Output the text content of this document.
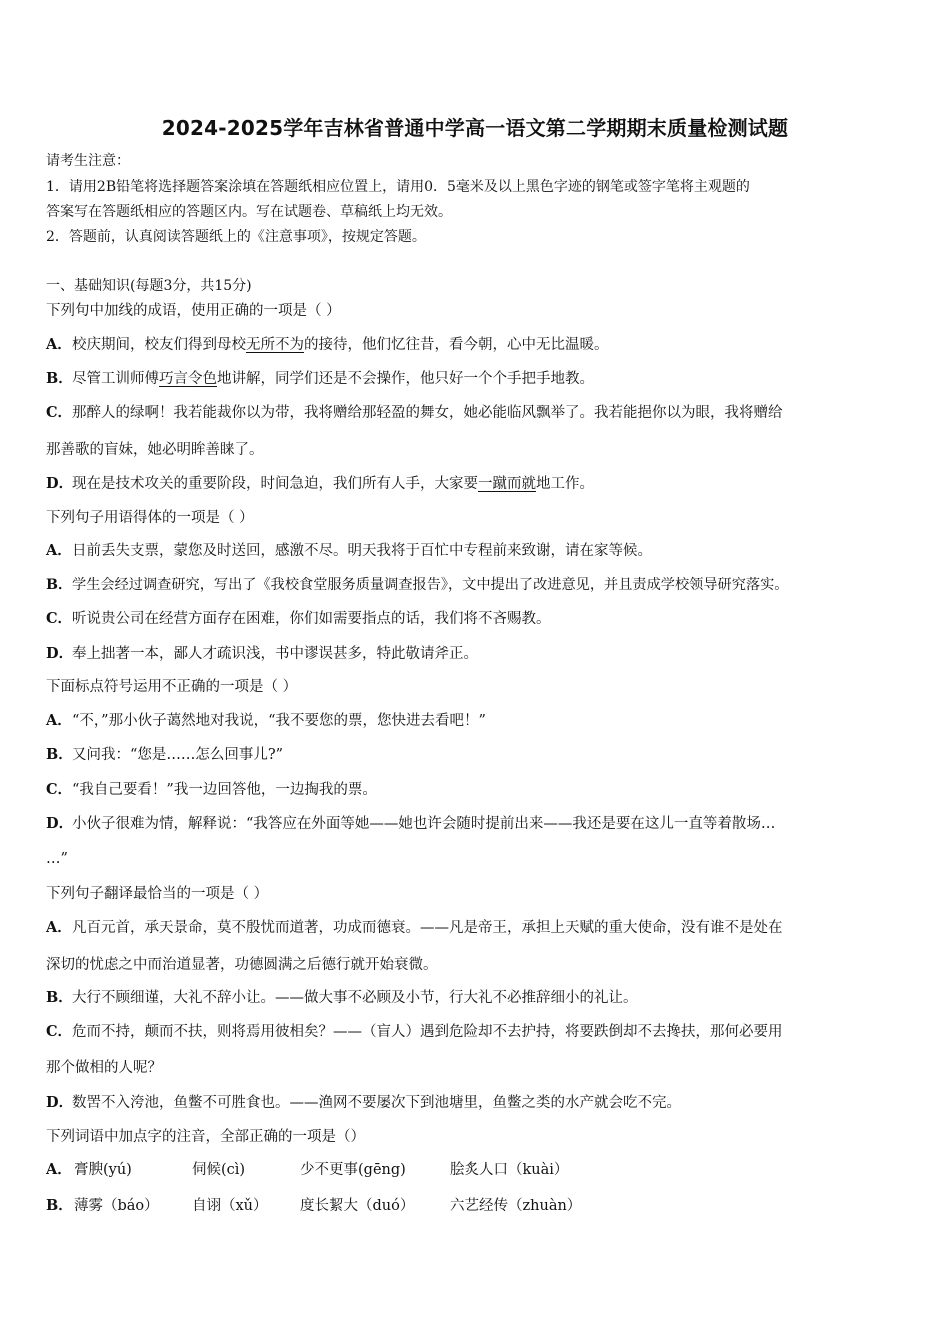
2024-2025学年吉林省普通中学高一语文第二学期期末质量检测试题
请考生注意：
1．请用2B铅笔将选择题答案涂填在答题纸相应位置上，请用0．5毫米及以上黑色字迹的钢笔或签字笔将主观题的
答案写在答题纸相应的答题区内。写在试题卷、草稿纸上均无效。
2．答题前，认真阅读答题纸上的《注意事项》，按规定答题。
一、基础知识(每题3分，共15分)
下列句中加线的成语，使用正确的一项是（ ）
A．校庆期间，校友们得到母校无所不为的接待，他们忆往昔，看今朝，心中无比温暖。
B．尽管工训师傅巧言令色地讲解，同学们还是不会操作，他只好一个个手把手地教。
C．那醉人的绿啊！我若能裁你以为带，我将赠给那轻盈的舞女，她必能临风飘举了。我若能挹你以为眼，我将赠给
那善歌的盲妹，她必明眸善睐了。
D．现在是技术攻关的重要阶段，时间急迫，我们所有人手，大家要一蹴而就地工作。
下列句子用语得体的一项是（ ）
A．日前丢失支票，蒙您及时送回，感激不尽。明天我将于百忙中专程前来致谢，请在家等候。
B．学生会经过调查研究，写出了《我校食堂服务质量调查报告》，文中提出了改进意见，并且责成学校领导研究落实。
C．听说贵公司在经营方面存在困难，你们如需要指点的话，我们将不吝赐教。
D．奉上拙著一本，鄙人才疏识浅，书中谬误甚多，特此敬请斧正。
下面标点符号运用不正确的一项是（ ）
A．“不，”那小伙子蔼然地对我说，“我不要您的票，您快进去看吧！”
B．又问我：“您是……怎么回事儿?”
C．“我自己要看！”我一边回答他，一边掏我的票。
D．小伙子很难为情，解释说：“我答应在外面等她——她也许会随时提前出来——我还是要在这儿一直等着散场…
…”
下列句子翻译最恰当的一项是（ ）
A．凡百元首，承天景命，莫不殷忧而道著，功成而德衰。——凡是帝王，承担上天赋的重大使命，没有谁不是处在
深切的忧虑之中而治道显著，功德圆满之后德行就开始衰微。
B．大行不顾细谨，大礼不辞小让。——做大事不必顾及小节，行大礼不必推辞细小的礼让。
C．危而不持，颠而不扶，则将焉用彼相矣？——（盲人）遇到危险却不去护持，将要跌倒却不去搀扶，那何必要用
那个做相的人呢？
D．数罟不入洿池，鱼鳖不可胜食也。——渔网不要屡次下到池塘里，鱼鳖之类的水产就会吃不完。
下列词语中加点字的注音，全部正确的一项是（）
A． 膏腴(yú)	伺候(cì)	少不更事(gēng)	脍炙人口（kuài）
B． 薄雾（báo） 自诩（xǔ） 度长絜大（duó） 六艺经传（zhuàn）
